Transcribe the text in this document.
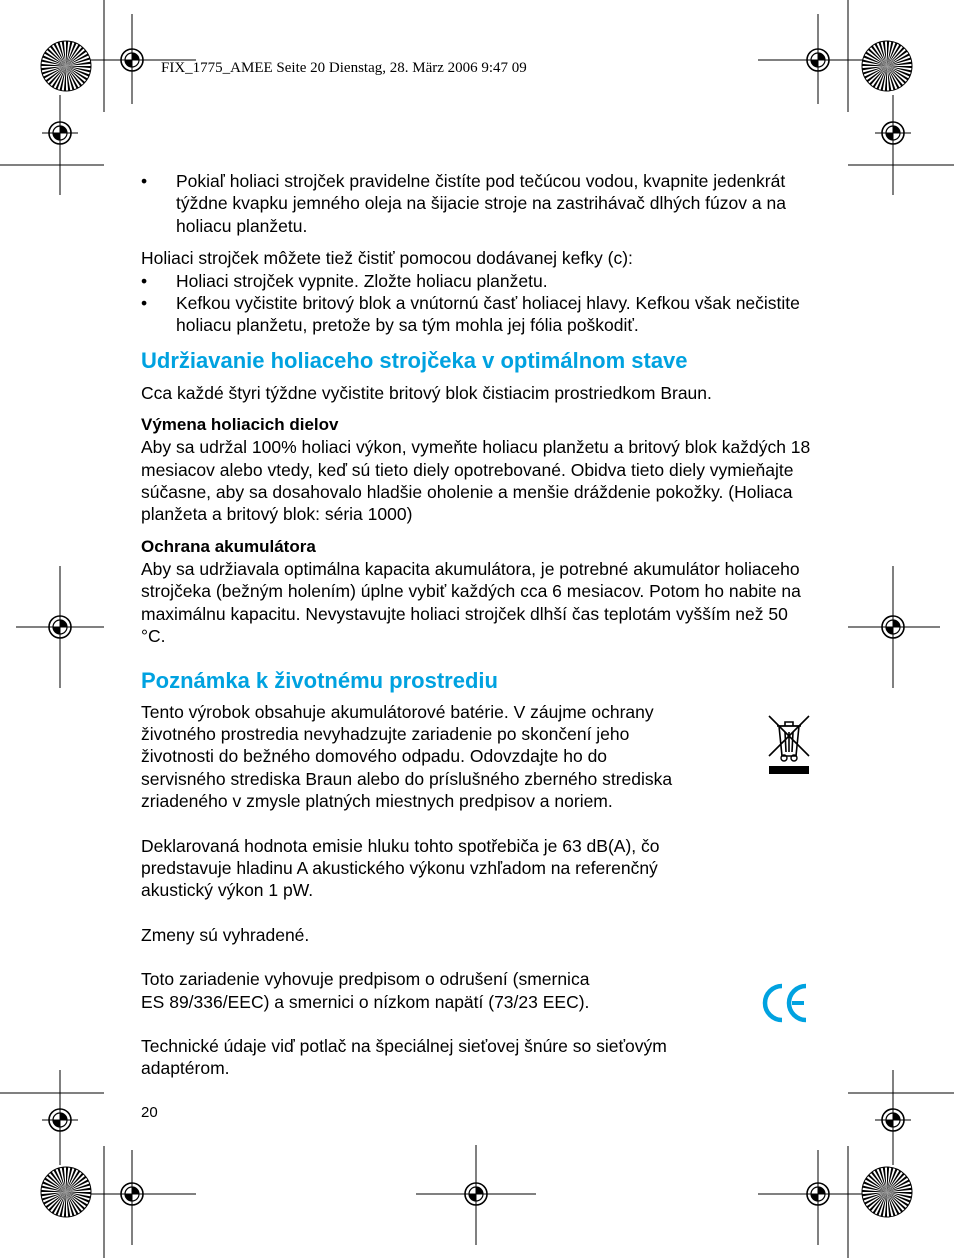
FIX_1775_AMEE Seite 20 Dienstag, 28. März 2006 9:47 09
• Pokiaľ holiaci strojček pravidelne čistíte pod tečúcou vodou, kvapnite jedenkrát týždne kvapku jemného oleja na šijacie stroje na zastrihávač dlhých fúzov a na holiacu planžetu.

Holiaci strojček môžete tiež čistiť pomocou dodávanej kefky (c):

• Holiaci strojček vypnite. Zložte holiacu planžetu.
• Kefkou vyčistite britový blok a vnútornú časť holiacej hlavy. Kefkou však nečistite holiacu planžetu, pretože by sa tým mohla jej fólia poškodiť.
Udržiavanie holiaceho strojčeka v optimálnom stave

Cca každé štyri týždne vyčistite britový blok čistiacim prostriedkom Braun.

Výmena holiacich dielov

Aby sa udržal 100% holiaci výkon, vymeňte holiacu planžetu a britový blok každých 18 mesiacov alebo vtedy, keď sú tieto diely opotrebované. Obidva tieto diely vymieňajte súčasne, aby sa dosahovalo hladšie oholenie a menšie dráždenie pokožky. (Holiaca planžeta a britový blok: séria 1000)

Ochrana akumulátora

Aby sa udržiavala optimálna kapacita akumulátora, je potrebné akumulátor holiaceho strojčeka (bežným holením) úplne vybiť každých cca 6 mesiacov. Potom ho nabite na maximálnu kapacitu. Nevystavujte holiaci strojček dlhší čas teplotám vyšším než 50 °C.

Poznámka k životnému prostrediu
Tento výrobok obsahuje akumulátorové batérie. V záujme ochrany
životného prostredia nevyhadzujte zariadenie po skončení jeho
životnosti do bežného domového odpadu. Odovzdajte ho do
servisného strediska Braun alebo do príslušného zberného strediska
zriadeného v zmysle platných miestnych predpisov a noriem.
Deklarovaná hodnota emisie hluku tohto spotřebiča je 63 dB(A), čo
predstavuje hladinu A akustického výkonu vzhľadom na referenčný
akustický výkon 1 pW.
Zmeny sú vyhradené.
Toto zariadenie vyhovuje predpisom o odrušení (smernica
ES 89/336/EEC) a smernici o nízkom napätí (73/23 EEC).
Technické údaje viď potlač na špeciálnej sieťovej šnúre so sieťovým
adaptérom.
20
